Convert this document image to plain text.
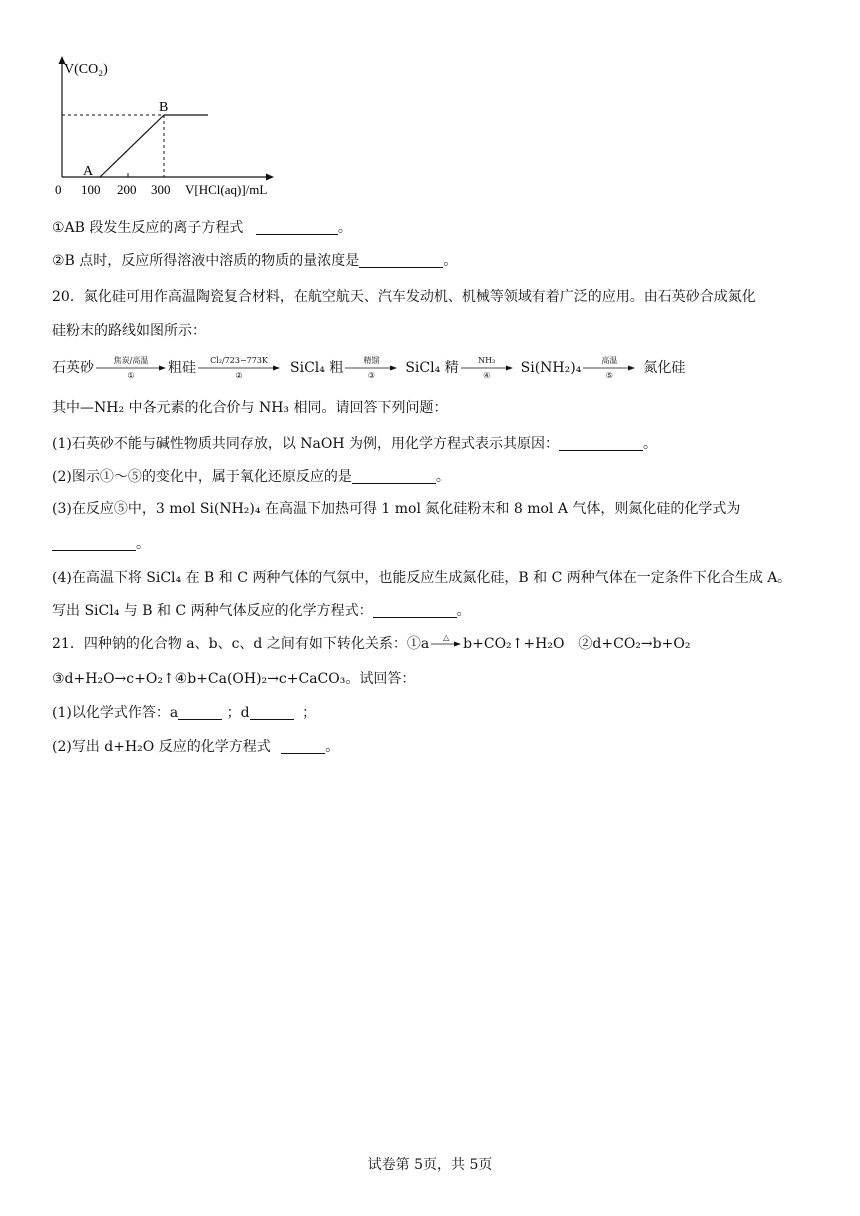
V(CO₂)
A
B
0 100 200 300 V[HCl(aq)]/mL
①AB 段发生反应的离子方程式	。
②B 点时，反应所得溶液中溶质的物质的量浓度是	。
20．氮化硅可用作高温陶瓷复合材料，在航空航天、汽车发动机、机械等领域有着广泛的应用。由石英砂合成氮化
硅粉末的路线如图所示：
石英砂	焦炭/高温
①	粗硅	Cl₂/723−773K
②	SiCl₄ 粗	精馏
③	SiCl₄ 精	NH₃
④	Si(NH₂)₄	高温
⑤	氮化硅
其中—NH₂ 中各元素的化合价与 NH₃ 相同。请回答下列问题：
(1)石英砂不能与碱性物质共同存放，以 NaOH 为例，用化学方程式表示其原因：	。
(2)图示①～⑤的变化中，属于氧化还原反应的是	。
(3)在反应⑤中，3 mol Si(NH₂)₄ 在高温下加热可得 1 mol 氮化硅粉末和 8 mol A 气体，则氮化硅的化学式为
。
(4)在高温下将 SiCl₄ 在 B 和 C 两种气体的气氛中，也能反应生成氮化硅，B 和 C 两种气体在一定条件下化合生成 A。
写出 SiCl₄ 与 B 和 C 两种气体反应的化学方程式：	。
21．四种钠的化合物 a、b、c、d 之间有如下转化关系：①a	△ b+CO₂↑+H₂O　②d+CO₂→b+O₂
③d+H₂O→c+O₂↑④b+Ca(OH)₂→c+CaCO₃。试回答：
(1)以化学式作答：a	；d	；
(2)写出 d+H₂O 反应的化学方程式	。
试卷第 5页，共 5页
